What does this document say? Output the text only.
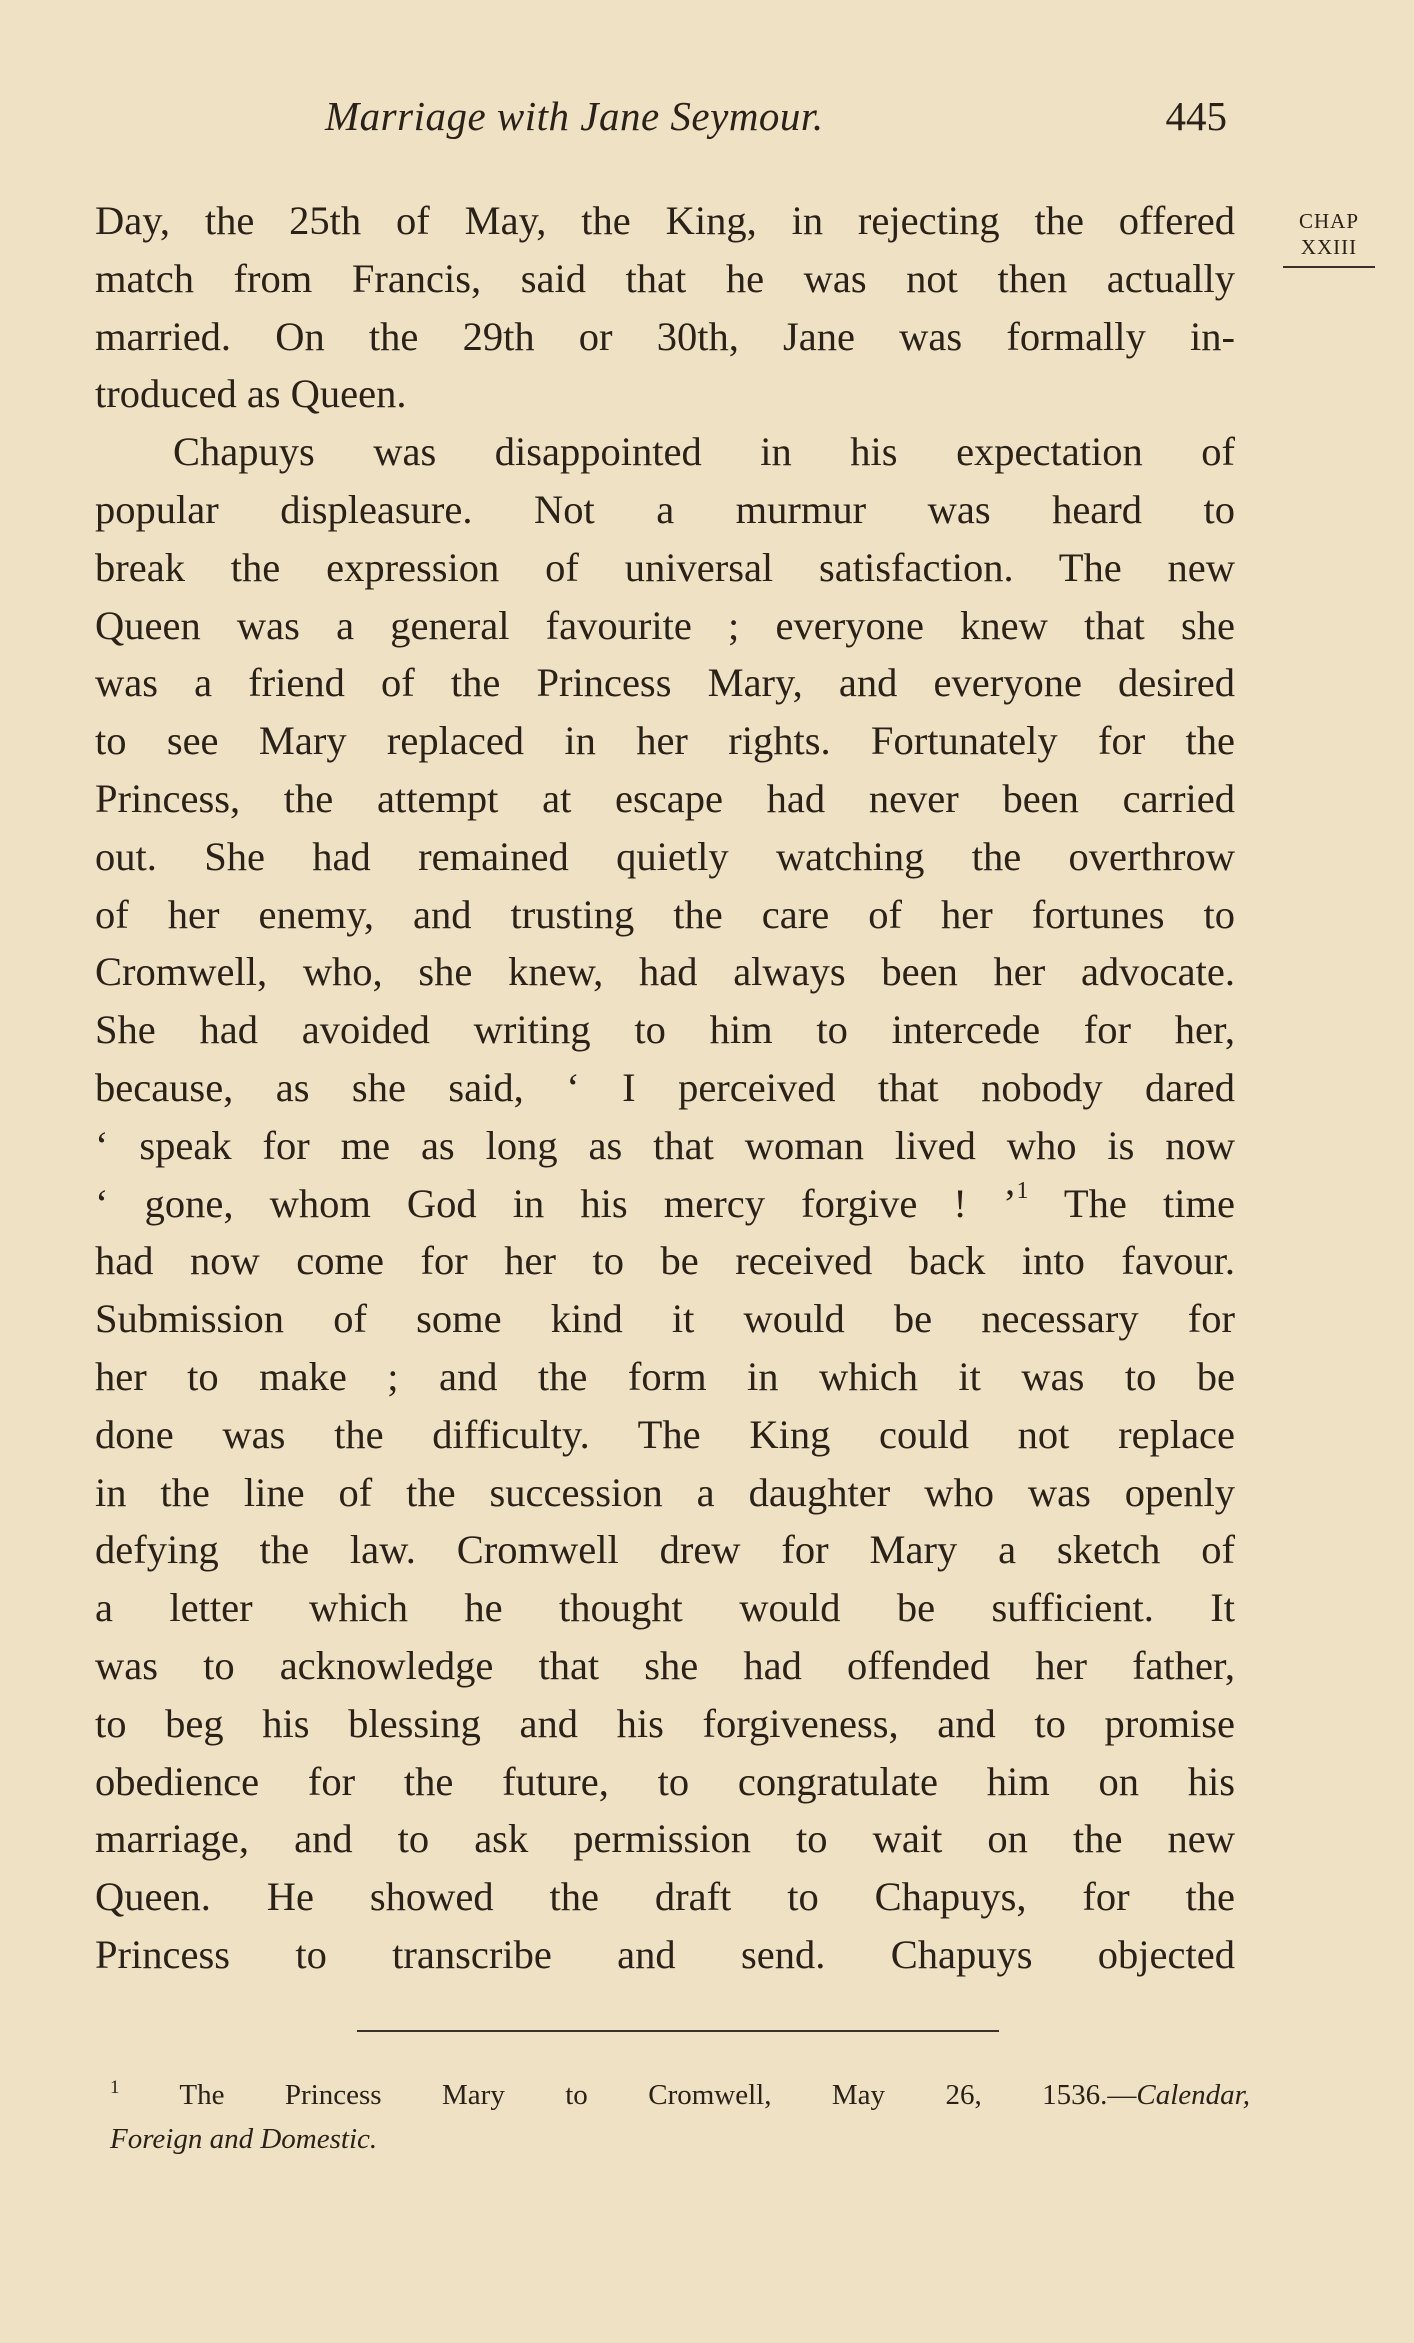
Marriage with Jane Seymour.	445
CHAP
XXIII
Day, the 25th of May, the King, in rejecting the offered
match from Francis, said that he was not then actually
married. On the 29th or 30th, Jane was formally in-
troduced as Queen.
Chapuys was disappointed in his expectation of
popular displeasure. Not a murmur was heard to
break the expression of universal satisfaction. The new
Queen was a general favourite ; everyone knew that she
was a friend of the Princess Mary, and everyone desired
to see Mary replaced in her rights. Fortunately for the
Princess, the attempt at escape had never been carried
out. She had remained quietly watching the overthrow
of her enemy, and trusting the care of her fortunes to
Cromwell, who, she knew, had always been her advocate.
She had avoided writing to him to intercede for her,
because, as she said, ‘ I perceived that nobody dared
‘ speak for me as long as that woman lived who is now
‘ gone, whom God in his mercy forgive ! ’$^1$ The time
had now come for her to be received back into favour.
Submission of some kind it would be necessary for
her to make ; and the form in which it was to be
done was the difficulty. The King could not replace
in the line of the succession a daughter who was openly
defying the law. Cromwell drew for Mary a sketch of
a letter which he thought would be sufficient. It
was to acknowledge that she had offended her father,
to beg his blessing and his forgiveness, and to promise
obedience for the future, to congratulate him on his
marriage, and to ask permission to wait on the new
Queen. He showed the draft to Chapuys, for the
Princess to transcribe and send. Chapuys objected
$^1$ The Princess Mary to Cromwell, May 26, 1536.—Calendar,
Foreign and Domestic.
